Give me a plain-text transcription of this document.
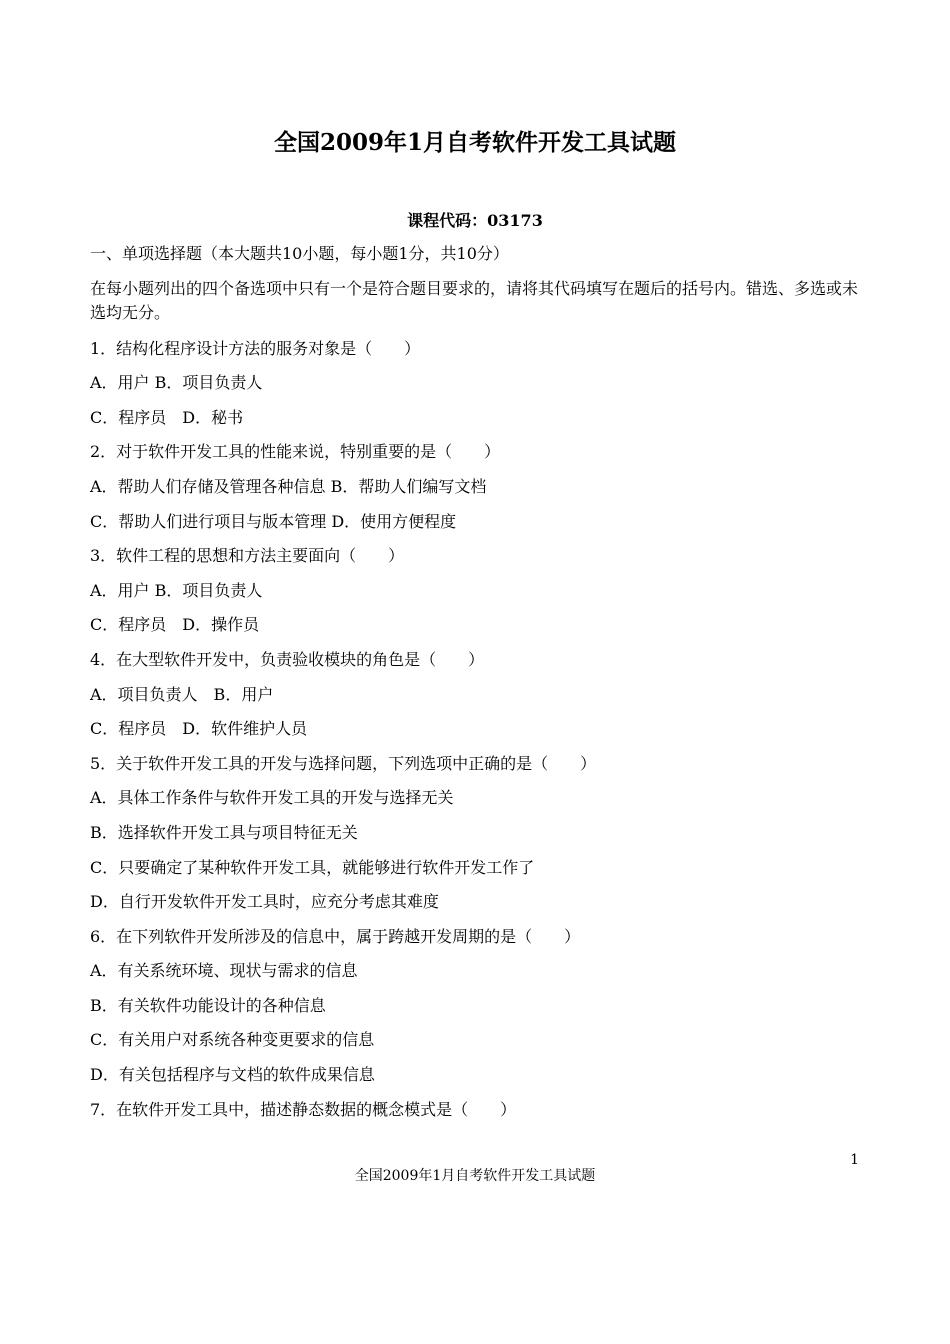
全国2009年1月自考软件开发工具试题
课程代码：03173
一、单项选择题（本大题共10小题，每小题1分，共10分）
在每小题列出的四个备选项中只有一个是符合题目要求的，请将其代码填写在题后的括号内。错选、多选或未选均无分。
1．结构化程序设计方法的服务对象是（　　）
A．用户 B．项目负责人
C．程序员　D．秘书
2．对于软件开发工具的性能来说，特别重要的是（　　）
A．帮助人们存储及管理各种信息 B．帮助人们编写文档
C．帮助人们进行项目与版本管理 D．使用方便程度
3．软件工程的思想和方法主要面向（　　）
A．用户 B．项目负责人
C．程序员　D．操作员
4．在大型软件开发中，负责验收模块的角色是（　　）
A．项目负责人　B．用户
C．程序员　D．软件维护人员
5．关于软件开发工具的开发与选择问题，下列选项中正确的是（　　）
A．具体工作条件与软件开发工具的开发与选择无关
B．选择软件开发工具与项目特征无关
C．只要确定了某种软件开发工具，就能够进行软件开发工作了
D．自行开发软件开发工具时，应充分考虑其难度
6．在下列软件开发所涉及的信息中，属于跨越开发周期的是（　　）
A．有关系统环境、现状与需求的信息
B．有关软件功能设计的各种信息
C．有关用户对系统各种变更要求的信息
D．有关包括程序与文档的软件成果信息
7．在软件开发工具中，描述静态数据的概念模式是（　　）
1
全国2009年1月自考软件开发工具试题
